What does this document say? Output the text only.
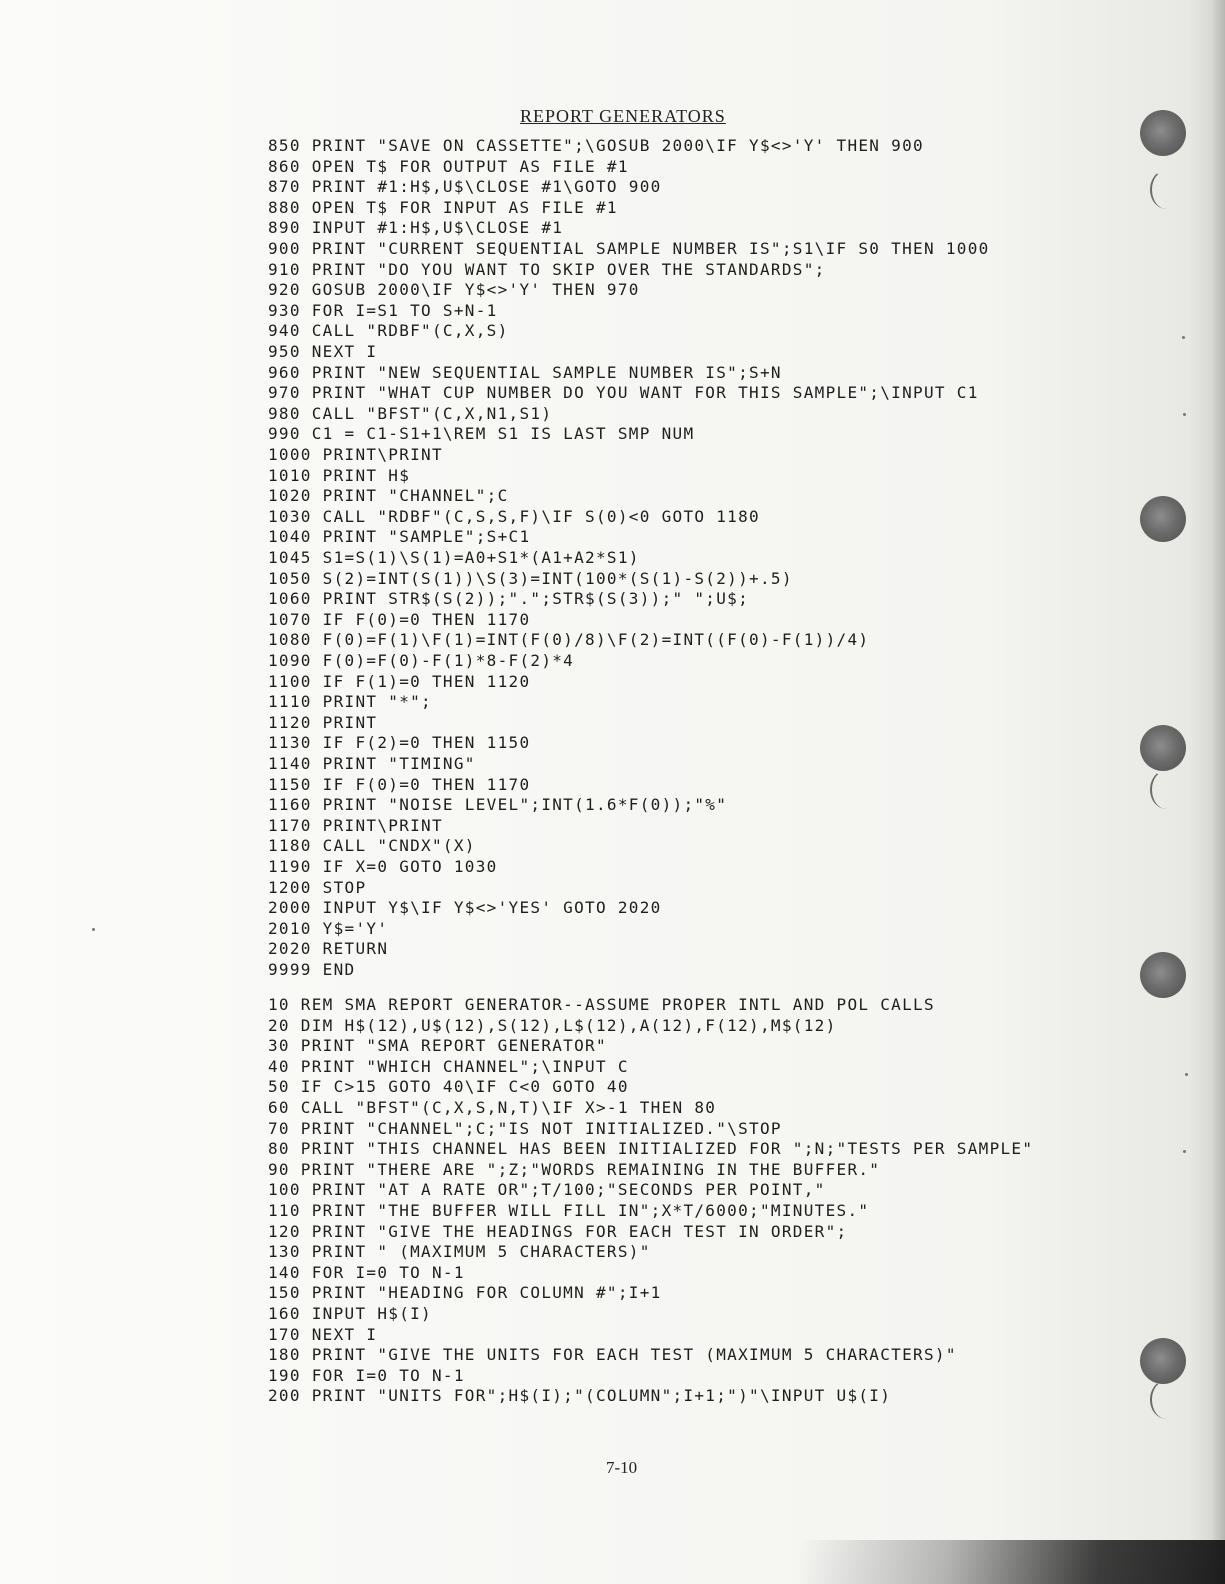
REPORT GENERATORS
850 PRINT "SAVE ON CASSETTE";\GOSUB 2000\IF Y$<>'Y' THEN 900

860 OPEN T$ FOR OUTPUT AS FILE #1

870 PRINT #1:H$,U$\CLOSE #1\GOTO 900

880 OPEN T$ FOR INPUT AS FILE #1

890 INPUT #1:H$,U$\CLOSE #1

900 PRINT "CURRENT SEQUENTIAL SAMPLE NUMBER IS";S1\IF S0 THEN 1000

910 PRINT "DO YOU WANT TO SKIP OVER THE STANDARDS";

920 GOSUB 2000\IF Y$<>'Y' THEN 970

930 FOR I=S1 TO S+N-1

940 CALL "RDBF"(C,X,S)

950 NEXT I

960 PRINT "NEW SEQUENTIAL SAMPLE NUMBER IS";S+N

970 PRINT "WHAT CUP NUMBER DO YOU WANT FOR THIS SAMPLE";\INPUT C1

980 CALL "BFST"(C,X,N1,S1)

990 C1 = C1-S1+1\REM S1 IS LAST SMP NUM

1000 PRINT\PRINT

1010 PRINT H$

1020 PRINT "CHANNEL";C

1030 CALL "RDBF"(C,S,S,F)\IF S(0)<0 GOTO 1180

1040 PRINT "SAMPLE";S+C1

1045 S1=S(1)\S(1)=A0+S1*(A1+A2*S1)

1050 S(2)=INT(S(1))\S(3)=INT(100*(S(1)-S(2))+.5)

1060 PRINT STR$(S(2));".";STR$(S(3));" ";U$;

1070 IF F(0)=0 THEN 1170

1080 F(0)=F(1)\F(1)=INT(F(0)/8)\F(2)=INT((F(0)-F(1))/4)

1090 F(0)=F(0)-F(1)*8-F(2)*4

1100 IF F(1)=0 THEN 1120

1110 PRINT "*";

1120 PRINT

1130 IF F(2)=0 THEN 1150

1140 PRINT "TIMING"

1150 IF F(0)=0 THEN 1170

1160 PRINT "NOISE LEVEL";INT(1.6*F(0));"%"

1170 PRINT\PRINT

1180 CALL "CNDX"(X)

1190 IF X=0 GOTO 1030

1200 STOP

2000 INPUT Y$\IF Y$<>'YES' GOTO 2020

2010 Y$='Y'

2020 RETURN

9999 END

10 REM SMA REPORT GENERATOR--ASSUME PROPER INTL AND POL CALLS

20 DIM H$(12),U$(12),S(12),L$(12),A(12),F(12),M$(12)

30 PRINT "SMA REPORT GENERATOR"

40 PRINT "WHICH CHANNEL";\INPUT C

50 IF C>15 GOTO 40\IF C<0 GOTO 40

60 CALL "BFST"(C,X,S,N,T)\IF X>-1 THEN 80

70 PRINT "CHANNEL";C;"IS NOT INITIALIZED."\STOP

80 PRINT "THIS CHANNEL HAS BEEN INITIALIZED FOR ";N;"TESTS PER SAMPLE"

90 PRINT "THERE ARE ";Z;"WORDS REMAINING IN THE BUFFER."

100 PRINT "AT A RATE OR";T/100;"SECONDS PER POINT,"

110 PRINT "THE BUFFER WILL FILL IN";X*T/6000;"MINUTES."

120 PRINT "GIVE THE HEADINGS FOR EACH TEST IN ORDER";

130 PRINT " (MAXIMUM 5 CHARACTERS)"

140 FOR I=0 TO N-1

150 PRINT "HEADING FOR COLUMN #";I+1

160 INPUT H$(I)

170 NEXT I

180 PRINT "GIVE THE UNITS FOR EACH TEST (MAXIMUM 5 CHARACTERS)"

190 FOR I=0 TO N-1

200 PRINT "UNITS FOR";H$(I);"(COLUMN";I+1;")"\INPUT U$(I)

7-10
